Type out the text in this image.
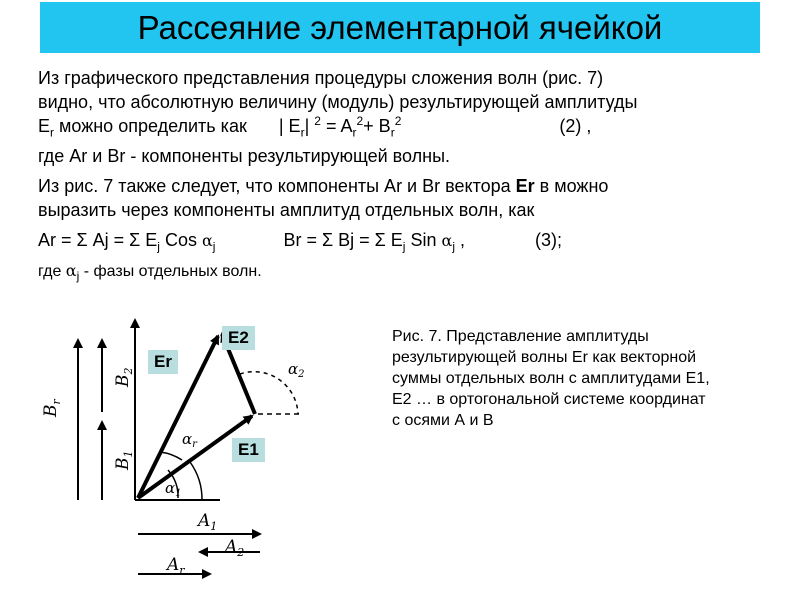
Рассеяние элементарной ячейкой

Из графического представления процедуры сложения волн (рис. 7)
видно, что абсолютную величину (модуль) результирующей амплитуды
$E_r$ можно определить как | $E_r|$ $^2 = A_r^2+ B_r^2$	(2) ,

где Ar и Br - компоненты результирующей волны.

Из рис. 7 также следует, что компоненты Ar и Br вектора Er в можно
выразить через компоненты амплитуд отдельных волн, как

Ar = Σ Aj = Σ $E_j$ Cos $\alpha_j$	Br = Σ Bj = Σ $E_j$ Sin $\alpha_j$ ,	(3);

где $\alpha_j$ - фазы отдельных волн.

$B_r$
$B_2$
$B_1$
$A_1$
$A_2$
$A_r$
$\alpha_1$
$\alpha_r$
$\alpha_2$
E2
Er
E1
Рис. 7. Представление амплитуды
результирующей волны Er как векторной
суммы отдельных волн с амплитудами E1,
E2 … в ортогональной системе координат
с осями А и В
